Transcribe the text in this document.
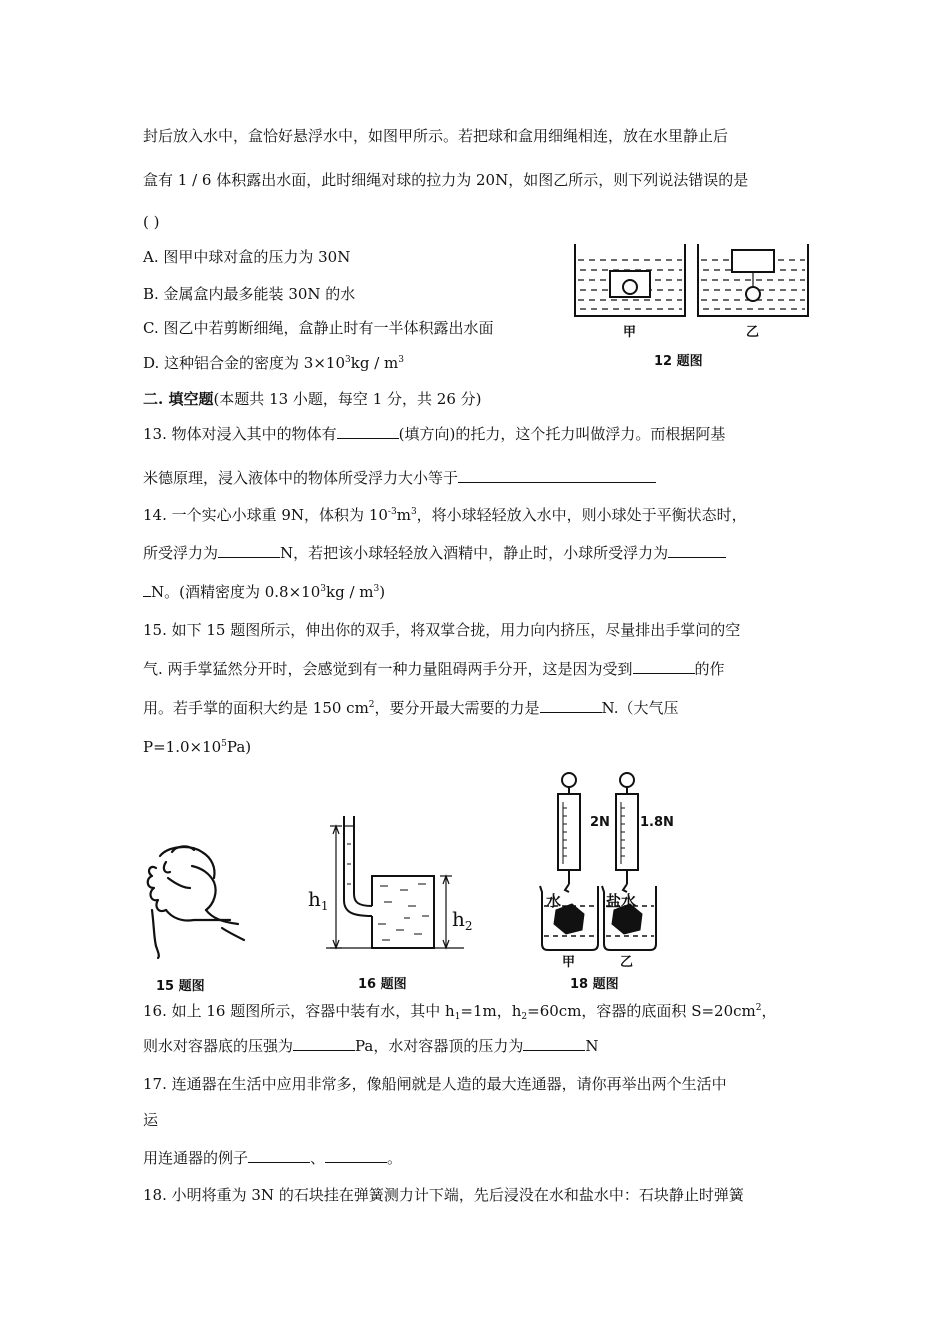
封后放入水中，盒恰好悬浮水中，如图甲所示。若把球和盒用细绳相连，放在水里静止后
盒有 1 / 6 体积露出水面，此时细绳对球的拉力为 20N，如图乙所示，则下列说法错误的是
( )
A. 图甲中球对盒的压力为 30N
B. 金属盒内最多能装 30N 的水
C. 图乙中若剪断细绳，盒静止时有一半体积露出水面
D. 这种铝合金的密度为 $3\times 10^3kg / m^3$
甲	乙
12 题图
二. 填空题(本题共 13 小题，每空 1 分，共 26 分)
13. 物体对浸入其中的物体有	(填方向)的托力，这个托力叫做浮力。而根据阿基
米德原理，浸入液体中的物体所受浮力大小等于
14. 一个实心小球重 9N，体积为 $10^{-3}m^3$，将小球轻轻放入水中，则小球处于平衡状态时，
所受浮力为	N，若把该小球轻轻放入酒精中，静止时，小球所受浮力为
N。(酒精密度为 $0.8\times 10^3kg / m^3$)
15. 如下 15 题图所示，伸出你的双手，将双掌合拢，用力向内挤压，尽量排出手掌问的空
气. 两手掌猛然分开时，会感觉到有一种力量阻碍两手分开，这是因为受到	的作
用。若手掌的面积大约是 150 $cm^2$，要分开最大需要的力是	N.（大气压
$P=1.0\times 10^5Pa$)
15 题图
$h_1$
$h_2$
16 题图
2N 1.8N
水	盐水
甲	乙
18 题图
16. 如上 16 题图所示，容器中装有水，其中 $h_1=1m$，$h_2=60cm$，容器的底面积 $S=20cm^2$，
则水对容器底的压强为	Pa，水对容器顶的压力为	N
17. 连通器在生活中应用非常多，像船闸就是人造的最大连通器，请你再举出两个生活中
运
用连通器的例子	、	。
18. 小明将重为 3N 的石块挂在弹簧测力计下端，先后浸没在水和盐水中：石块静止时弹簧
